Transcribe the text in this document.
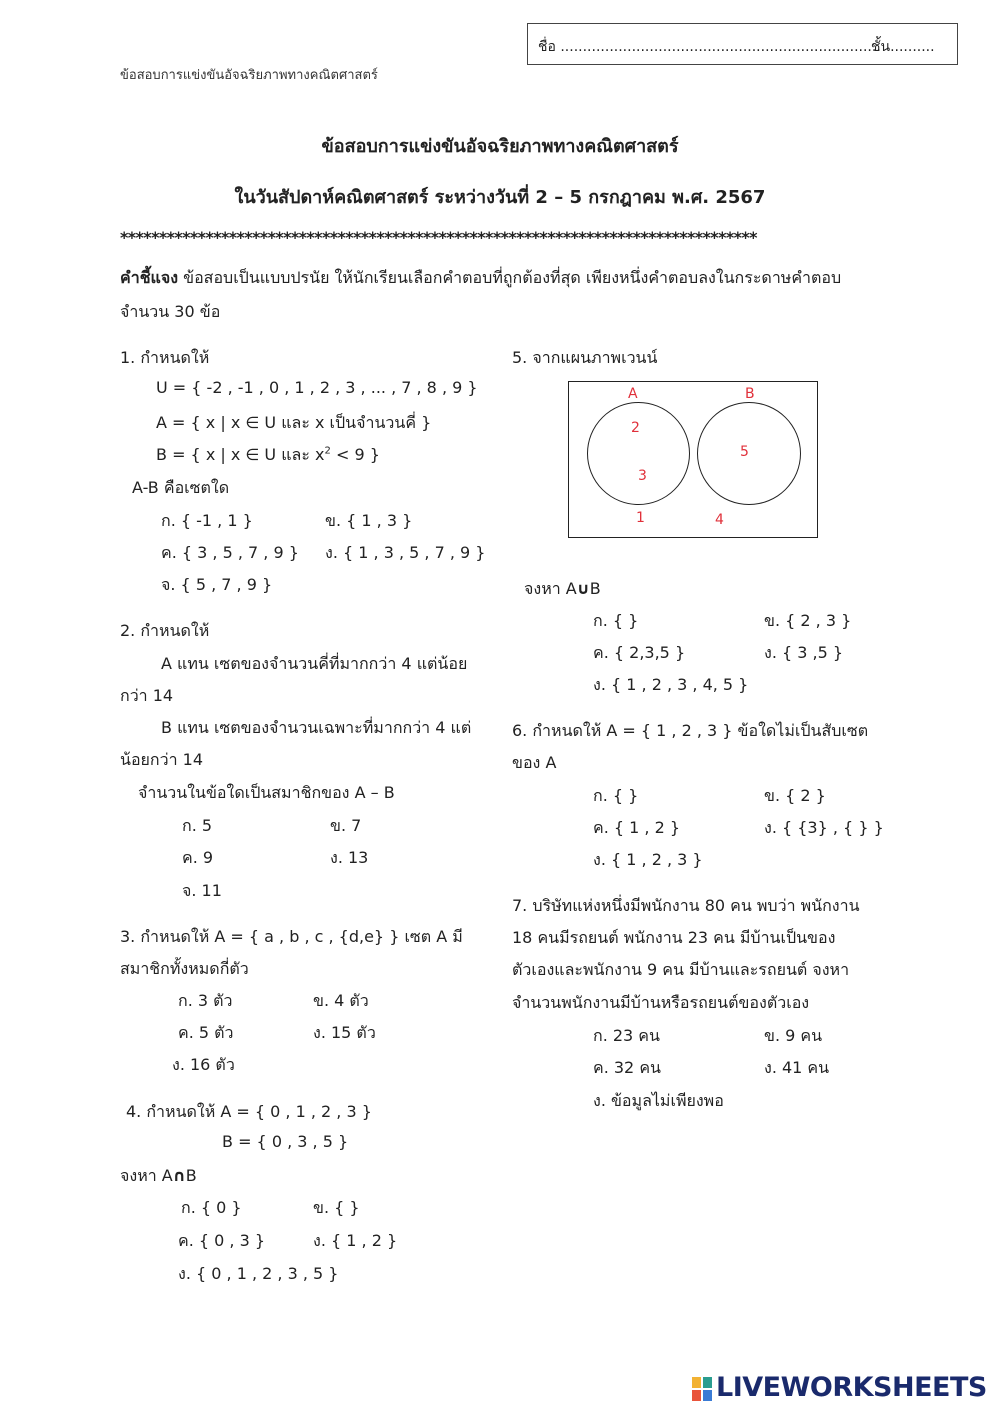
ชื่อ ........................................................................
ชั้น..........
ข้อสอบการแข่งขันอัจฉริยภาพทางคณิตศาสตร์
ข้อสอบการแข่งขันอัจฉริยภาพทางคณิตศาสตร์
ในวันสัปดาห์คณิตศาสตร์ ระหว่างวันที่ 2 – 5 กรกฎาคม พ.ศ. 2567
**********************************************************************************
คำชี้แจง ข้อสอบเป็นแบบปรนัย ให้นักเรียนเลือกคำตอบที่ถูกต้องที่สุด เพียงหนึ่งคำตอบลงในกระดาษคำตอบ
จำนวน 30 ข้อ
1. กำหนดให้
U = { -2 , -1 , 0 , 1 , 2 , 3 , ... , 7 , 8 , 9 }
A = { x | x ∈ U และ x เป็นจำนวนคี่ }
B = { x | x ∈ U และ $x^2 < 9$ }
A-B คือเซตใด
ก. { -1 , 1 }	ข. { 1 , 3 }
ค. { 3 , 5 , 7 , 9 } ง. { 1 , 3 , 5 , 7 , 9 }
จ. { 5 , 7 , 9 }
2. กำหนดให้
A แทน เซตของจำนวนคี่ที่มากกว่า 4 แต่น้อย
กว่า 14
B แทน เซตของจำนวนเฉพาะที่มากกว่า 4 แต่
น้อยกว่า 14
จำนวนในข้อใดเป็นสมาชิกของ A – B
ก. 5	ข. 7
ค. 9	ง. 13
จ. 11
3. กำหนดให้ A = { a , b , c , {d,e} } เซต A มี
สมาชิกทั้งหมดกี่ตัว
ก. 3 ตัว	ข. 4 ตัว
ค. 5 ตัว	ง. 15 ตัว
ง. 16 ตัว
4. กำหนดให้ A = { 0 , 1 , 2 , 3 }
B = { 0 , 3 , 5 }
จงหา A∩B
ก. { 0 }	ข. { }
ค. { 0 , 3 }	ง. { 1 , 2 }
ง. { 0 , 1 , 2 , 3 , 5 }
5. จากแผนภาพเวนน์
A	B
2
3
5
1	4
จงหา A∪B
ก. { }	ข. { 2 , 3 }
ค. { 2,3,5 }	ง. { 3 ,5 }
ง. { 1 , 2 , 3 , 4, 5 }
6. กำหนดให้ A = { 1 , 2 , 3 } ข้อใดไม่เป็นสับเซต
ของ A
ก. { }	ข. { 2 }
ค. { 1 , 2 }	ง. { {3} , { } }
ง. { 1 , 2 , 3 }
7. บริษัทแห่งหนึ่งมีพนักงาน 80 คน พบว่า พนักงาน
18 คนมีรถยนต์ พนักงาน 23 คน มีบ้านเป็นของ
ตัวเองและพนักงาน 9 คน มีบ้านและรถยนต์ จงหา
จำนวนพนักงานมีบ้านหรือรถยนต์ของตัวเอง
ก. 23 คน	ข. 9 คน
ค. 32 คน	ง. 41 คน
ง. ข้อมูลไม่เพียงพอ
LIVEWORKSHEETS
